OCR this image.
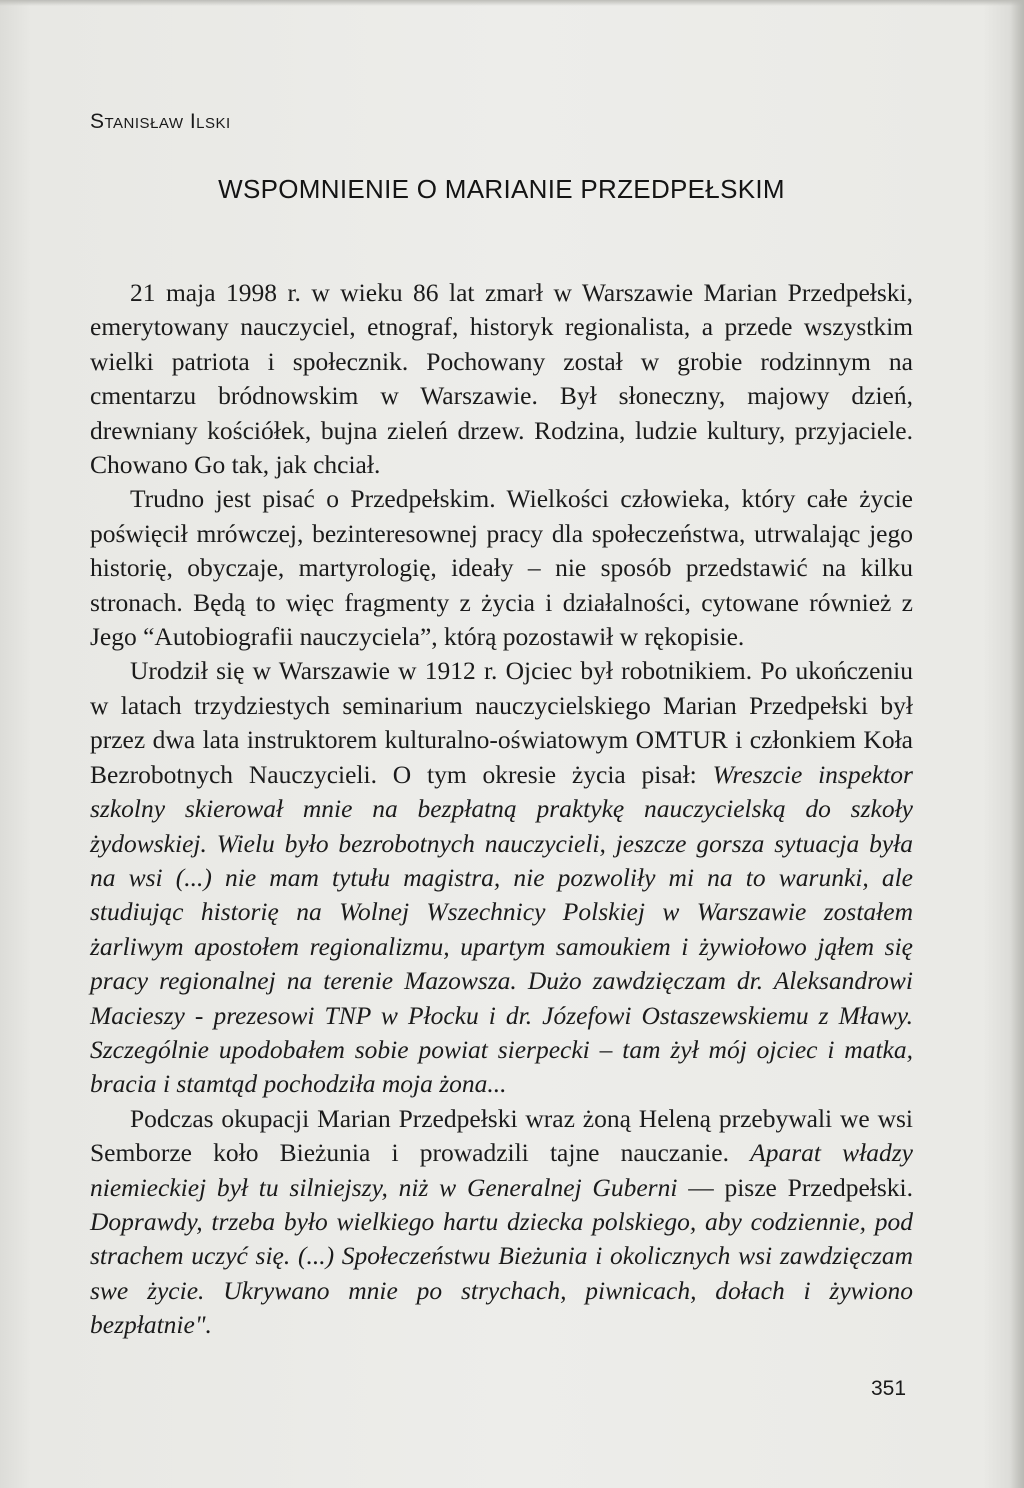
Stanisław Ilski
WSPOMNIENIE O MARIANIE PRZEDPEŁSKIM

21 maja 1998 r. w wieku 86 lat zmarł w Warszawie Marian Przedpełski, emerytowany nauczyciel, etnograf, historyk regionalista, a przede wszystkim wielki patriota i społecznik. Pochowany został w grobie rodzinnym na cmentarzu bródnowskim w Warszawie. Był słoneczny, majowy dzień, drewniany kościółek, bujna zieleń drzew. Rodzina, ludzie kultury, przyjaciele. Chowano Go tak, jak chciał.

Trudno jest pisać o Przedpełskim. Wielkości człowieka, który całe życie poświęcił mrówczej, bezinteresownej pracy dla społeczeństwa, utrwalając jego historię, obyczaje, martyrologię, ideały – nie sposób przedstawić na kilku stronach. Będą to więc fragmenty z życia i działalności, cytowane również z Jego “Autobiografii nauczyciela”, którą pozostawił w rękopisie.

Urodził się w Warszawie w 1912 r. Ojciec był robotnikiem. Po ukończeniu w latach trzydziestych seminarium nauczycielskiego Marian Przedpełski był przez dwa lata instruktorem kulturalno-oświatowym OMTUR i członkiem Koła Bezrobotnych Nauczycieli. O tym okresie życia pisał: Wreszcie inspektor szkolny skierował mnie na bezpłatną praktykę nauczycielską do szkoły żydowskiej. Wielu było bezrobotnych nauczycieli, jeszcze gorsza sytuacja była na wsi (...) nie mam tytułu magistra, nie pozwoliły mi na to warunki, ale studiując historię na Wolnej Wszechnicy Polskiej w Warszawie zostałem żarliwym apostołem regionalizmu, upartym samoukiem i żywiołowo jąłem się pracy regionalnej na terenie Mazowsza. Dużo zawdzięczam dr. Aleksandrowi Macieszy - prezesowi TNP w Płocku i dr. Józefowi Ostaszewskiemu z Mławy. Szczególnie upodobałem sobie powiat sierpecki – tam żył mój ojciec i matka, bracia i stamtąd pochodziła moja żona...

Podczas okupacji Marian Przedpełski wraz żoną Heleną przebywali we wsi Semborze koło Bieżunia i prowadzili tajne nauczanie. Aparat władzy niemieckiej był tu silniejszy, niż w Generalnej Guberni — pisze Przedpełski. Doprawdy, trzeba było wielkiego hartu dziecka polskiego, aby codziennie, pod strachem uczyć się. (...) Społeczeństwu Bieżunia i okolicznych wsi zawdzięczam swe życie. Ukrywano mnie po strychach, piwnicach, dołach i żywiono bezpłatnie".

351
